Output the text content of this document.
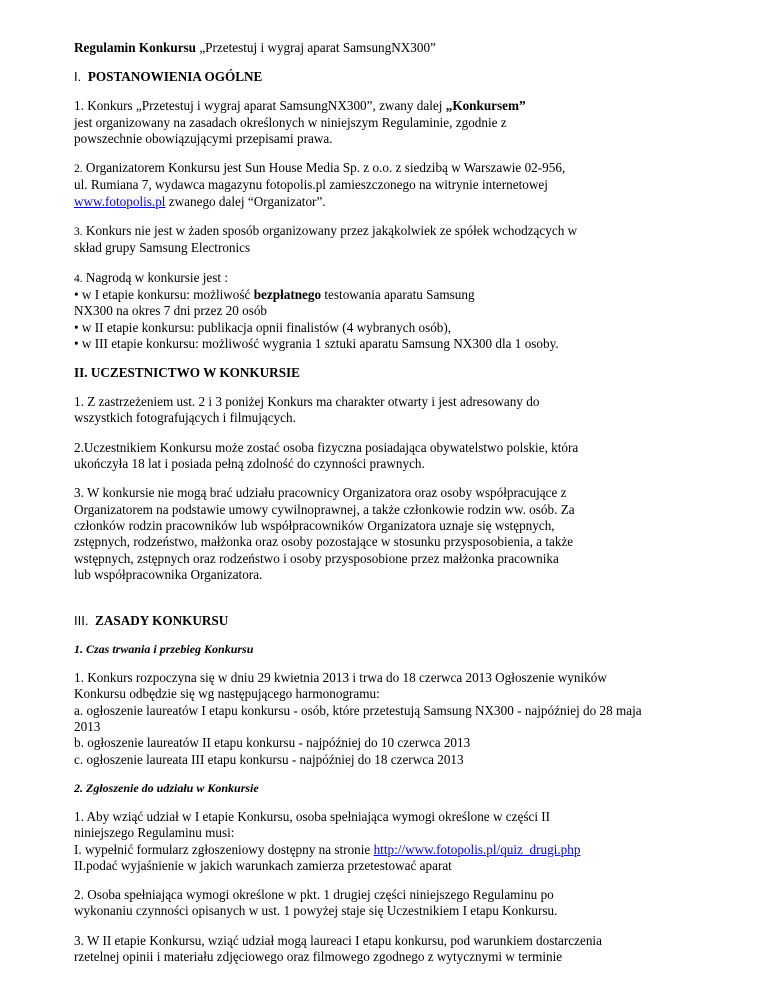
Regulamin Konkursu „Przetestuj i wygraj aparat SamsungNX300”

I. POSTANOWIENIA OGÓLNE

1. Konkurs „Przetestuj i wygraj aparat SamsungNX300”, zwany dalej „Konkursem”

jest organizowany na zasadach określonych w niniejszym Regulaminie, zgodnie z

powszechnie obowiązującymi przepisami prawa.

2. Organizatorem Konkursu jest Sun House Media Sp. z o.o. z siedzibą w Warszawie 02-956,

ul. Rumiana 7, wydawca magazynu fotopolis.pl zamieszczonego na witrynie internetowej

www.fotopolis.pl zwanego dalej “Organizator”.

3. Konkurs nie jest w żaden sposób organizowany przez jakąkolwiek ze spółek wchodzących w

skład grupy Samsung Electronics

4. Nagrodą w konkursie jest :

• w I etapie konkursu: możliwość bezpłatnego testowania aparatu Samsung

NX300 na okres 7 dni przez 20 osób

• w II etapie konkursu: publikacja opnii finalistów (4 wybranych osób),

• w III etapie konkursu: możliwość wygrania 1 sztuki aparatu Samsung NX300 dla 1 osoby.

II. UCZESTNICTWO W KONKURSIE

1. Z zastrzeżeniem ust. 2 i 3 poniżej Konkurs ma charakter otwarty i jest adresowany do

wszystkich fotografujących i filmujących.

2.Uczestnikiem Konkursu może zostać osoba fizyczna posiadająca obywatelstwo polskie, która

ukończyła 18 lat i posiada pełną zdolność do czynności prawnych.

3. W konkursie nie mogą brać udziału pracownicy Organizatora oraz osoby współpracujące z

Organizatorem na podstawie umowy cywilnoprawnej, a także członkowie rodzin ww. osób. Za

członków rodzin pracowników lub współpracowników Organizatora uznaje się wstępnych,

zstępnych, rodzeństwo, małżonka oraz osoby pozostające w stosunku przysposobienia, a także

wstępnych, zstępnych oraz rodzeństwo i osoby przysposobione przez małżonka pracownika

lub współpracownika Organizatora.

III. ZASADY KONKURSU
1. Czas trwania i przebieg Konkursu

1. Konkurs rozpoczyna się w dniu 29 kwietnia 2013 i trwa do 18 czerwca 2013 Ogłoszenie wyników

Konkursu odbędzie się wg następującego harmonogramu:

a. ogłoszenie laureatów I etapu konkursu - osób, które przetestują Samsung NX300 - najpóźniej do 28 maja

2013

b. ogłoszenie laureatów II etapu konkursu - najpóźniej do 10 czerwca 2013

c. ogłoszenie laureata III etapu konkursu - najpóźniej do 18 czerwca 2013

2. Zgłoszenie do udziału w Konkursie

1. Aby wziąć udział w I etapie Konkursu, osoba spełniająca wymogi określone w części II

niniejszego Regulaminu musi:

I. wypełnić formularz zgłoszeniowy dostępny na stronie http://www.fotopolis.pl/quiz_drugi.php

II.podać wyjaśnienie w jakich warunkach zamierza przetestować aparat

2. Osoba spełniająca wymogi określone w pkt. 1 drugiej części niniejszego Regulaminu po

wykonaniu czynności opisanych w ust. 1 powyżej staje się Uczestnikiem I etapu Konkursu.

3. W II etapie Konkursu, wziąć udział mogą laureaci I etapu konkursu, pod warunkiem dostarczenia

rzetelnej opinii i materiału zdjęciowego oraz filmowego zgodnego z wytycznymi w terminie
